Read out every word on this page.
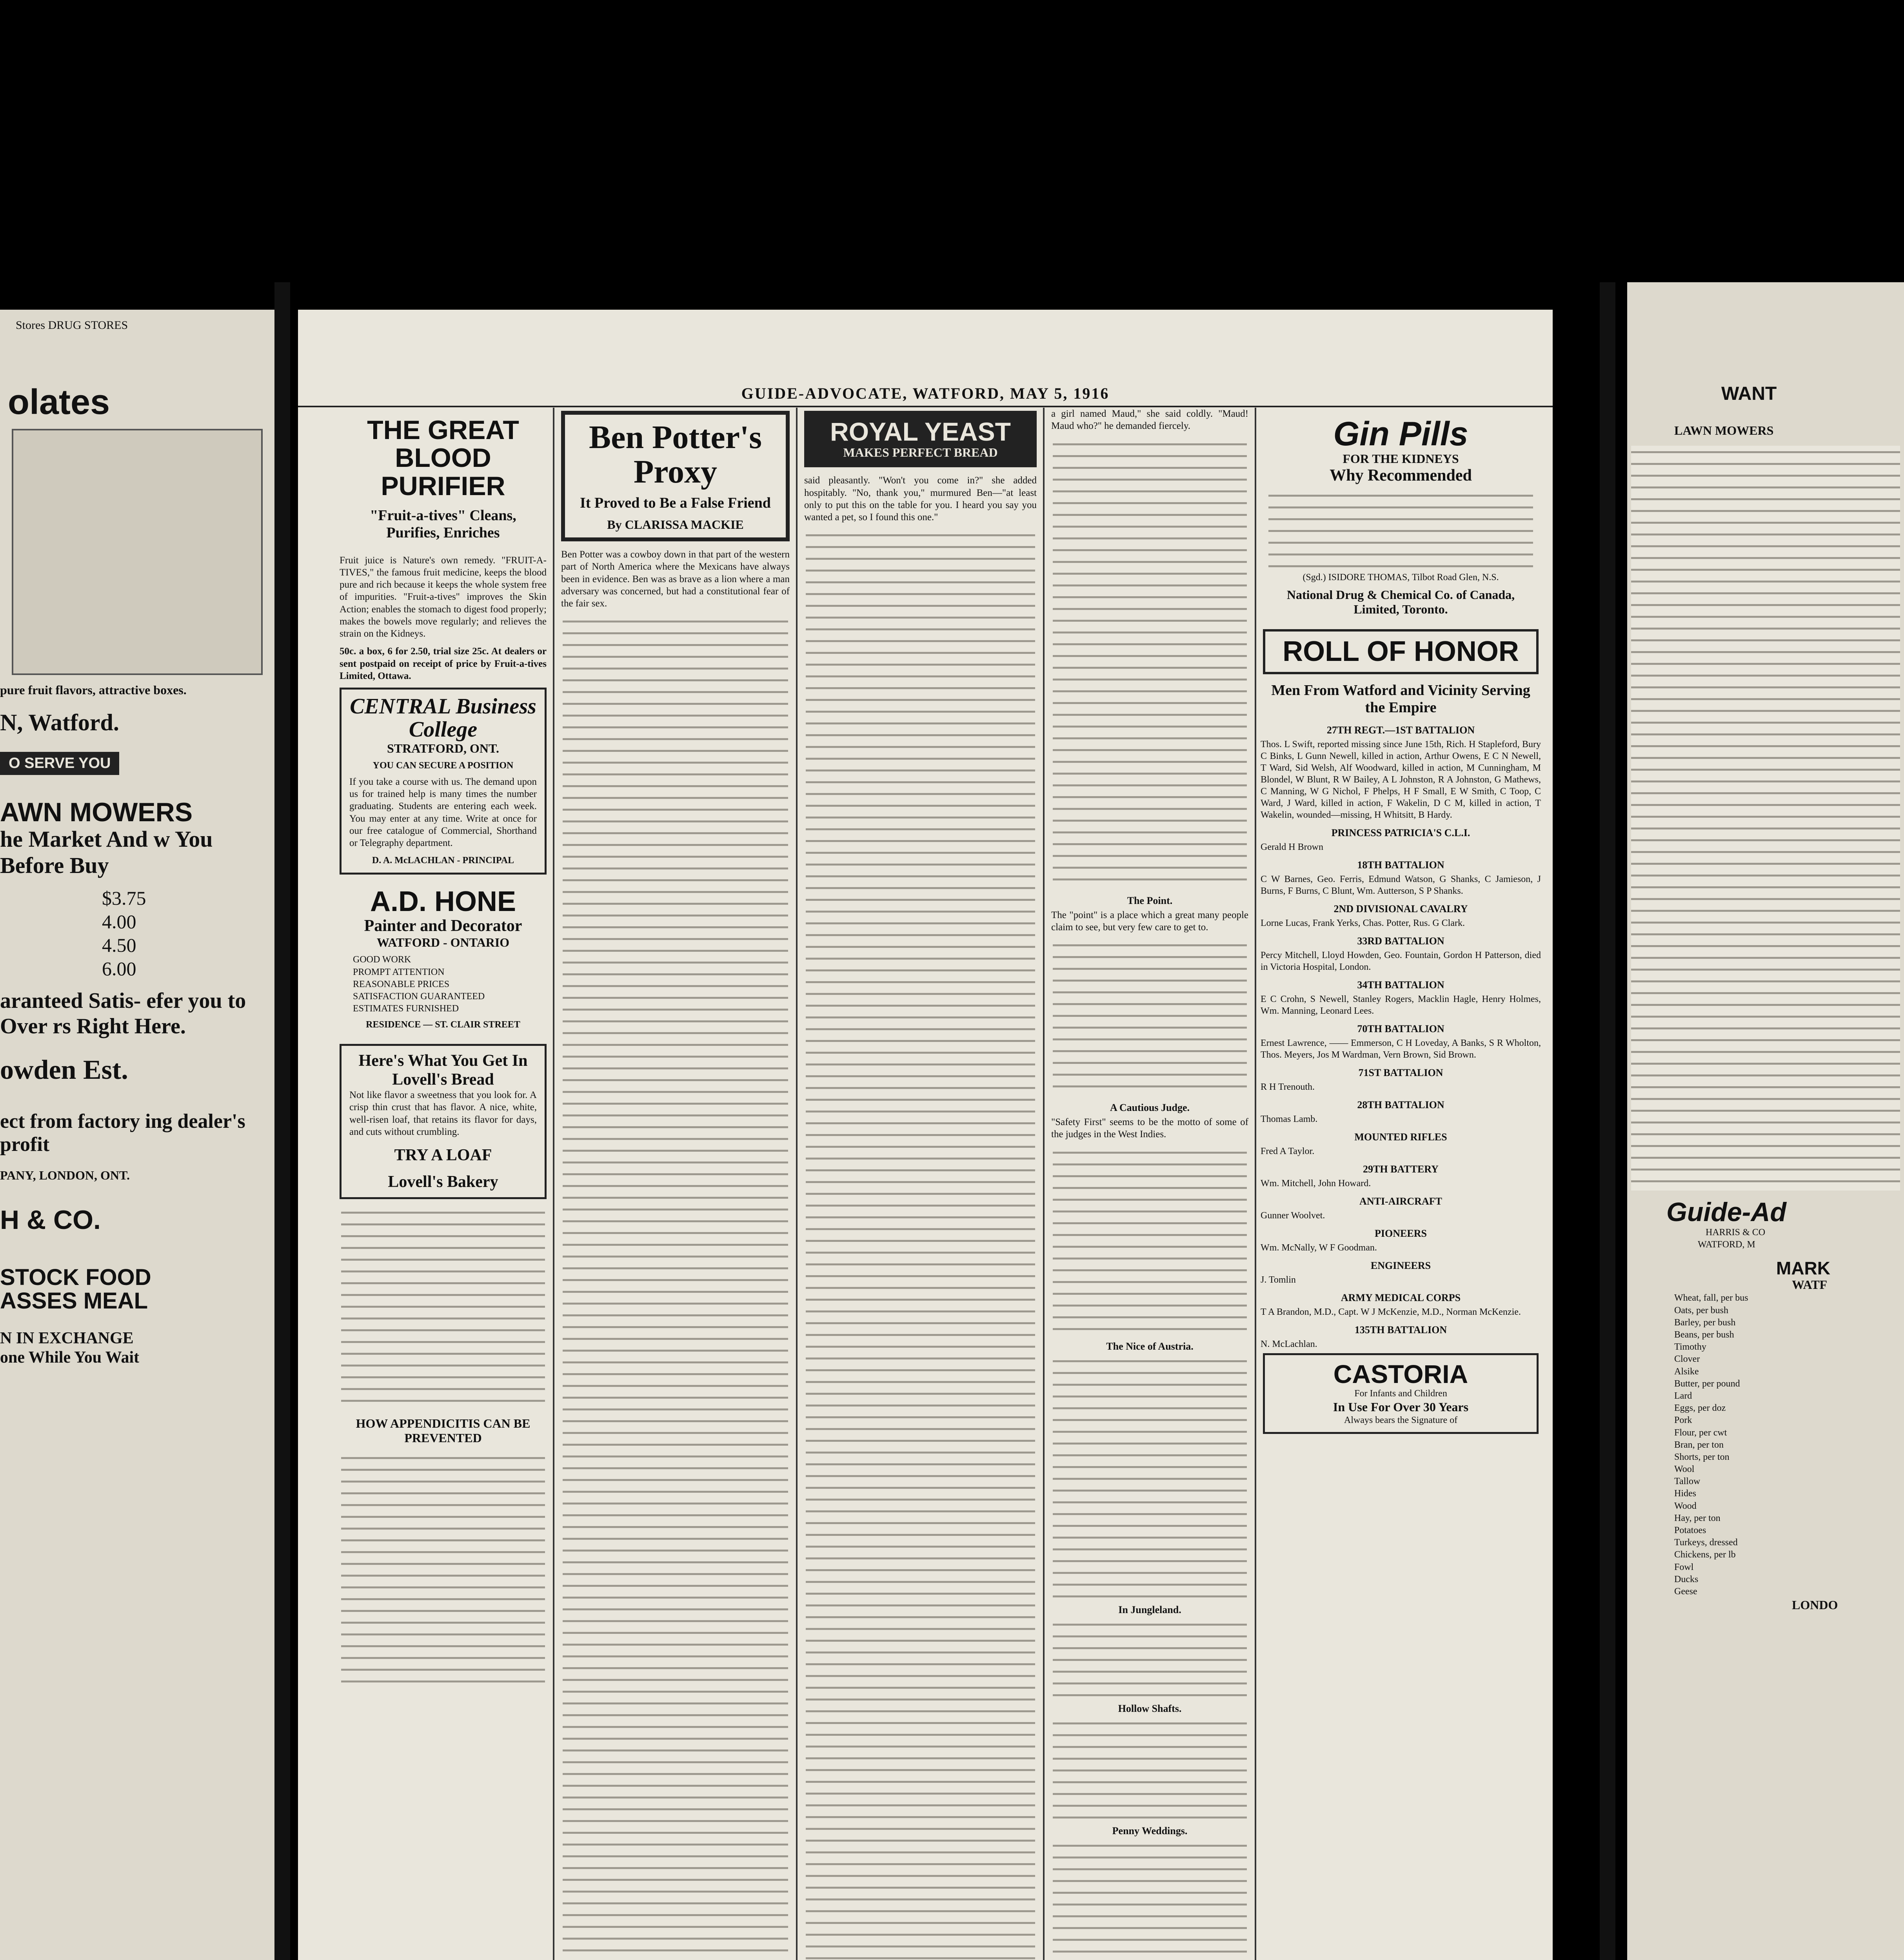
Stores DRUG STORES
olates
pure fruit flavors, attractive boxes.
N, Watford.
O SERVE YOU
AWN MOWERS
he Market And w You Before Buy
$3.75
4.00
4.50
6.00
aranteed Satis- efer you to Over rs Right Here.
owden Est.
ect from factory ing dealer's profit
PANY, LONDON, ONT.
H & CO.
STOCK FOOD
ASSES MEAL
N IN EXCHANGE
one While You Wait
GUIDE-ADVOCATE, WATFORD, MAY 5, 1916
THE GREAT BLOOD PURIFIER
"Fruit-a-tives" Cleans, Purifies, Enriches

Fruit juice is Nature's own remedy. "FRUIT-A-TIVES," the famous fruit medicine, keeps the blood pure and rich because it keeps the whole system free of impurities. "Fruit-a-tives" improves the Skin Action; enables the stomach to digest food properly; makes the bowels move regularly; and relieves the strain on the Kidneys.

50c. a box, 6 for 2.50, trial size 25c. At dealers or sent postpaid on receipt of price by Fruit-a-tives Limited, Ottawa.

CENTRAL Business College
STRATFORD, ONT.
YOU CAN SECURE A POSITION

If you take a course with us. The demand upon us for trained help is many times the number graduating. Students are entering each week. You may enter at any time. Write at once for our free catalogue of Commercial, Shorthand or Telegraphy department.

D. A. McLACHLAN - PRINCIPAL
A.D. HONE
Painter and Decorator
WATFORD - ONTARIO
GOOD WORK
PROMPT ATTENTION
REASONABLE PRICES
SATISFACTION GUARANTEED
ESTIMATES FURNISHED
RESIDENCE — ST. CLAIR STREET
Here's What You Get In Lovell's Bread

Not like flavor a sweetness that you look for. A crisp thin crust that has flavor. A nice, white, well-risen loaf, that retains its flavor for days, and cuts without crumbling.

TRY A LOAF
Lovell's Bakery
HOW APPENDICITIS CAN BE PREVENTED
Ben Potter's Proxy
It Proved to Be a False Friend
By CLARISSA MACKIE

Ben Potter was a cowboy down in that part of the western part of North America where the Mexicans have always been in evidence. Ben was as brave as a lion where a man adversary was concerned, but had a constitutional fear of the fair sex.

ROYAL YEAST
MAKES PERFECT BREAD

said pleasantly. "Won't you come in?" she added hospitably. "No, thank you," murmured Ben—"at least only to put this on the table for you. I heard you say you wanted a pet, so I found this one."

a girl named Maud," she said coldly. "Maud! Maud who?" he demanded fiercely.

The Point.

The "point" is a place which a great many people claim to see, but very few care to get to.

A Cautious Judge.

"Safety First" seems to be the motto of some of the judges in the West Indies.

The Nice of Austria.
In Jungleland.
Hollow Shafts.
Penny Weddings.
Gin Pills
FOR THE KIDNEYS
Why Recommended
(Sgd.) ISIDORE THOMAS, Tilbot Road Glen, N.S.
National Drug & Chemical Co. of Canada, Limited, Toronto.
ROLL OF HONOR
Men From Watford and Vicinity Serving the Empire
27TH REGT.—1ST BATTALION

Thos. L Swift, reported missing since June 15th, Rich. H Stapleford, Bury C Binks, L Gunn Newell, killed in action, Arthur Owens, E C N Newell, T Ward, Sid Welsh, Alf Woodward, killed in action, M Cunningham, M Blondel, W Blunt, R W Bailey, A L Johnston, R A Johnston, G Mathews, C Manning, W G Nichol, F Phelps, H F Small, E W Smith, C Toop, C Ward, J Ward, killed in action, F Wakelin, D C M, killed in action, T Wakelin, wounded—missing, H Whitsitt, B Hardy.

PRINCESS PATRICIA'S C.L.I.

Gerald H Brown

18TH BATTALION

C W Barnes, Geo. Ferris, Edmund Watson, G Shanks, C Jamieson, J Burns, F Burns, C Blunt, Wm. Autterson, S P Shanks.

2ND DIVISIONAL CAVALRY

Lorne Lucas, Frank Yerks, Chas. Potter, Rus. G Clark.

33RD BATTALION

Percy Mitchell, Lloyd Howden, Geo. Fountain, Gordon H Patterson, died in Victoria Hospital, London.

34TH BATTALION

E C Crohn, S Newell, Stanley Rogers, Macklin Hagle, Henry Holmes, Wm. Manning, Leonard Lees.

70TH BATTALION

Ernest Lawrence, —— Emmerson, C H Loveday, A Banks, S R Wholton, Thos. Meyers, Jos M Wardman, Vern Brown, Sid Brown.

71ST BATTALION

R H Trenouth.

28TH BATTALION

Thomas Lamb.

MOUNTED RIFLES

Fred A Taylor.

29TH BATTERY

Wm. Mitchell, John Howard.

ANTI-AIRCRAFT

Gunner Woolvet.

PIONEERS

Wm. McNally, W F Goodman.

ENGINEERS

J. Tomlin

ARMY MEDICAL CORPS

T A Brandon, M.D., Capt. W J McKenzie, M.D., Norman McKenzie.

135TH BATTALION

N. McLachlan.

CASTORIA
For Infants and Children
In Use For Over 30 Years
Always bears the Signature of
WANT
LAWN MOWERS
Guide-Ad
HARRIS & CO
WATFORD, M
MARK
WATF
Wheat, fall, per bus
Oats, per bush
Barley, per bush
Beans, per bush
Timothy
Clover
Alsike
Butter, per pound
Lard
Eggs, per doz
Pork
Flour, per cwt
Bran, per ton
Shorts, per ton
Wool
Tallow
Hides
Wood
Hay, per ton
Potatoes
Turkeys, dressed
Chickens, per lb
Fowl
Ducks
Geese
LONDO
